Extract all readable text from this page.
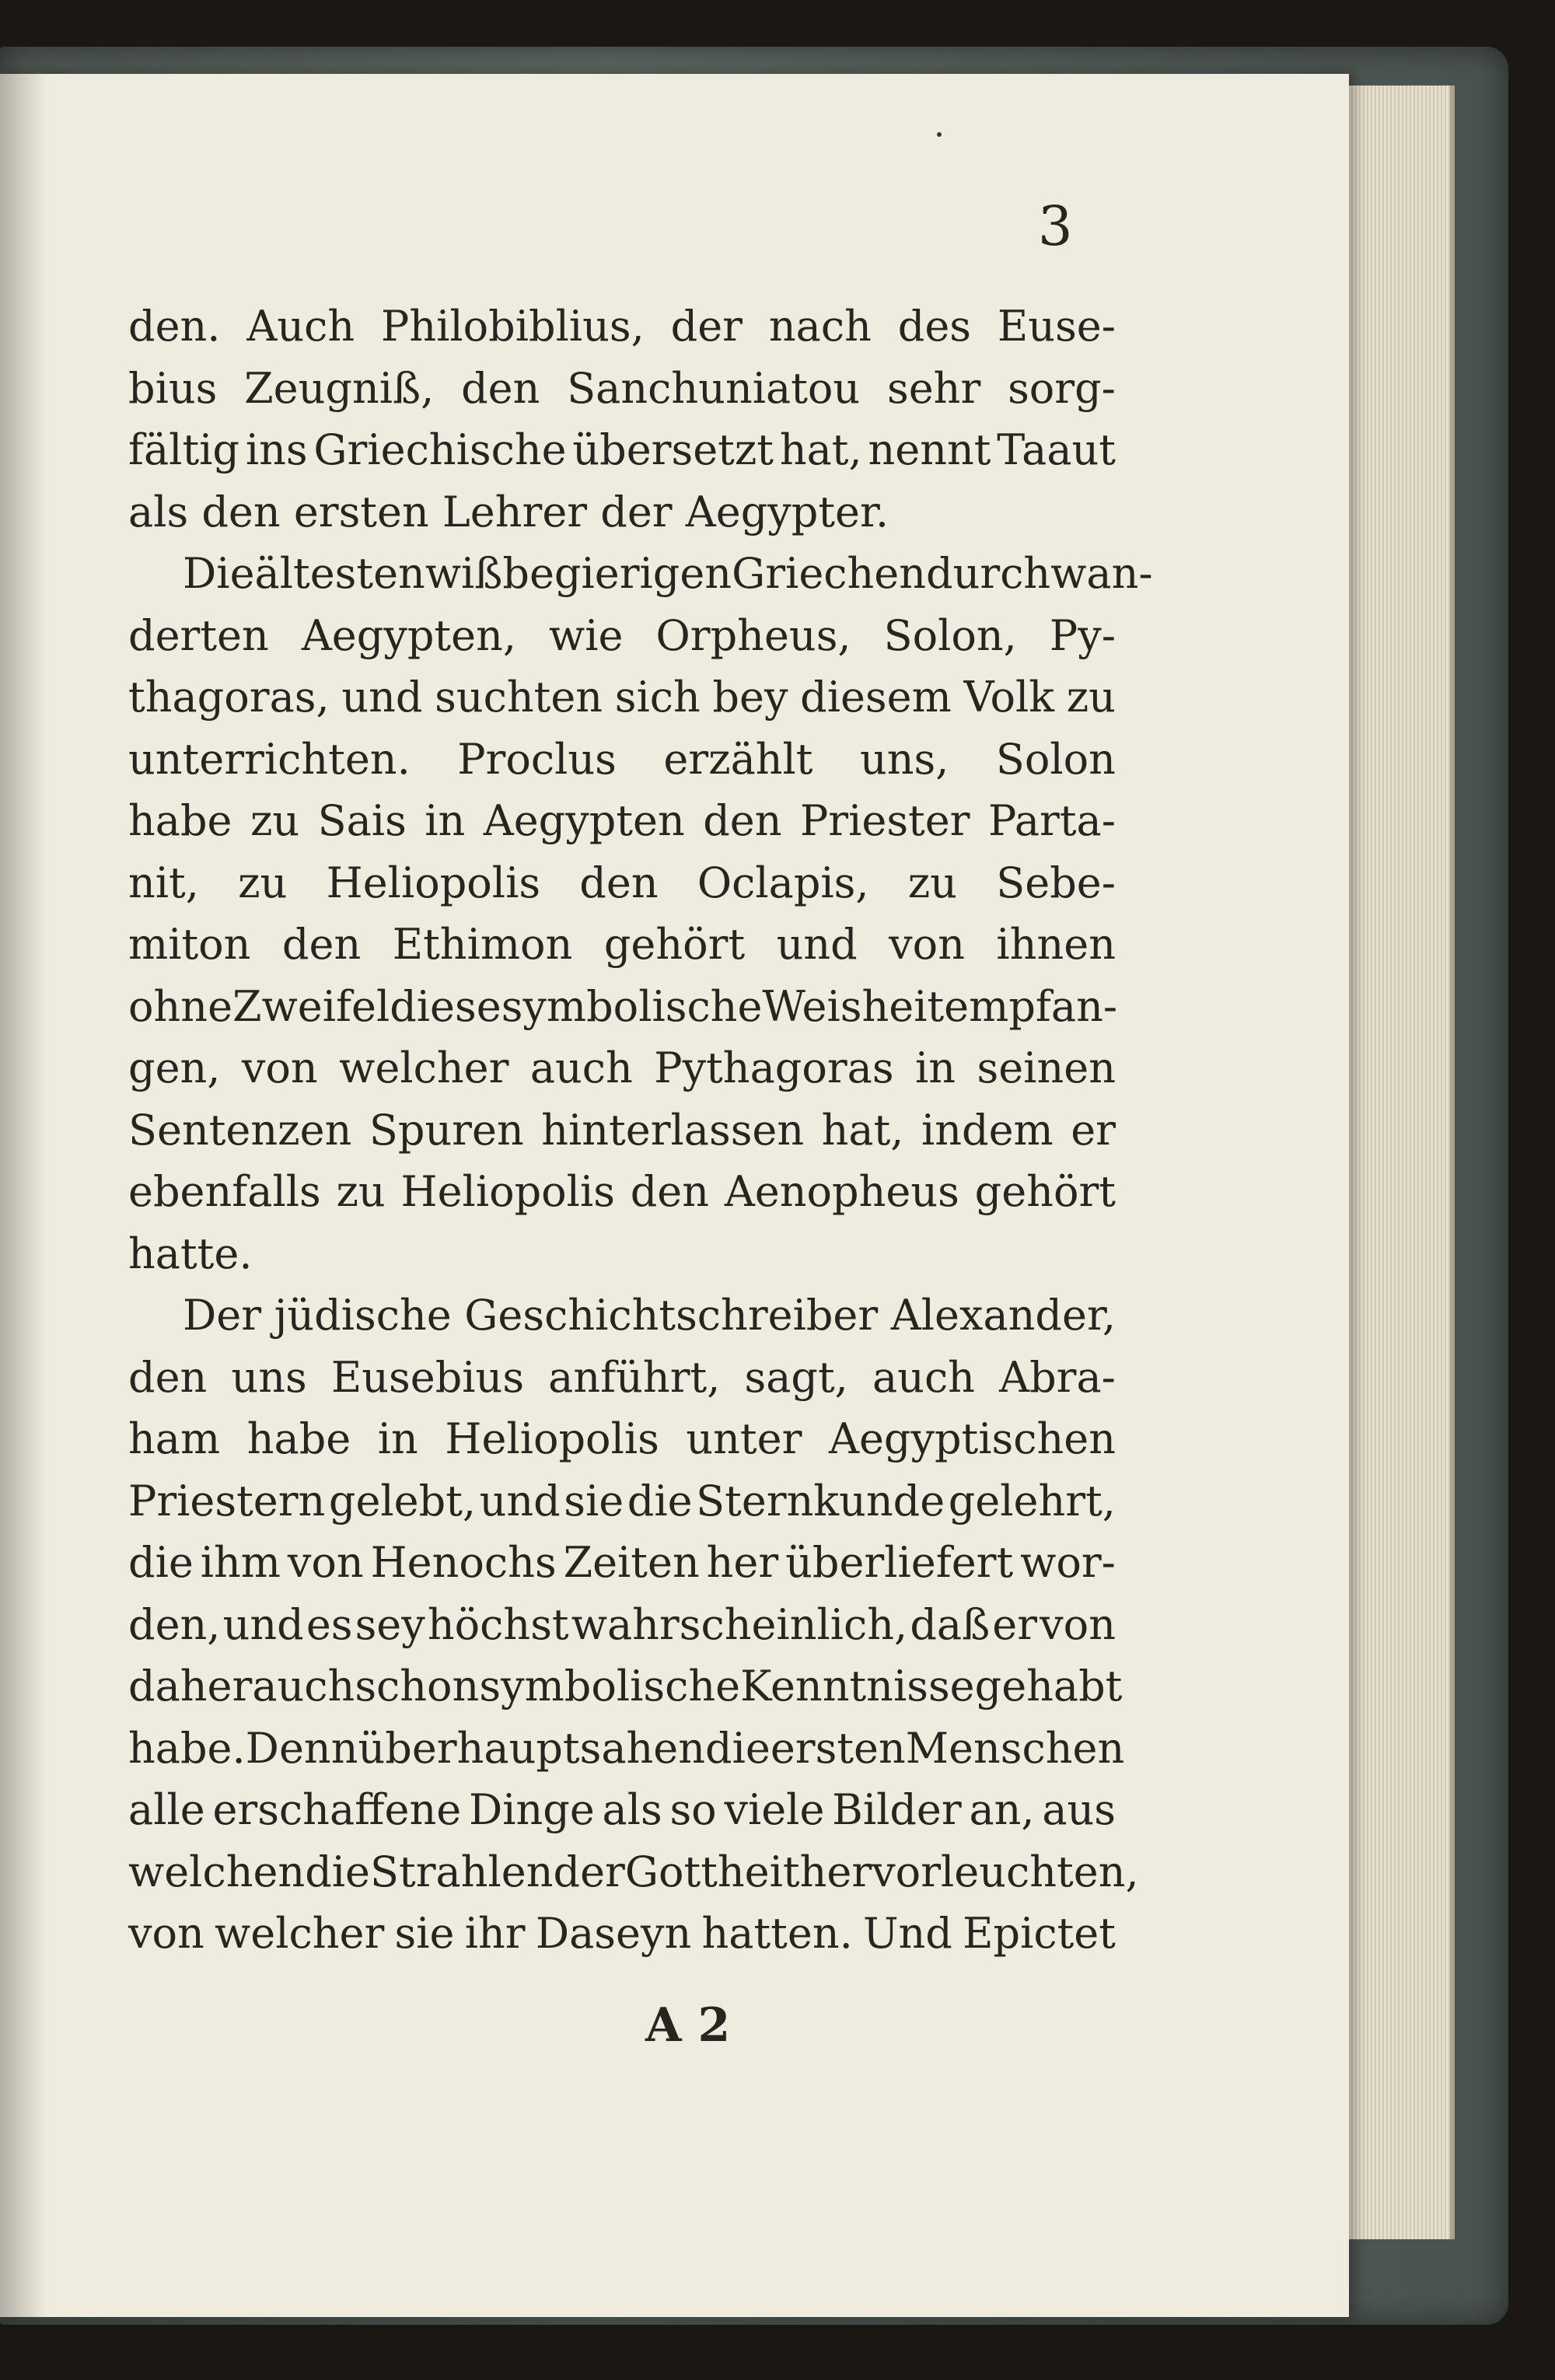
3
den. Auch Philobiblius, der nach des Euse-
bius Zeugniß, den Sanchuniatou sehr sorg-
fältig ins Griechische übersetzt hat, nennt Taaut
als den ersten Lehrer der Aegypter.
Die ältesten wißbegierigen Griechen durchwan-
derten Aegypten, wie Orpheus, Solon, Py-
thagoras, und suchten sich bey diesem Volk zu
unterrichten. Proclus erzählt uns, Solon
habe zu Sais in Aegypten den Priester Parta-
nit, zu Heliopolis den Oclapis, zu Sebe-
miton den Ethimon gehört und von ihnen
ohne Zweifel diese symbolische Weisheit empfan-
gen, von welcher auch Pythagoras in seinen
Sentenzen Spuren hinterlassen hat, indem er
ebenfalls zu Heliopolis den Aenopheus gehört
hatte.
Der jüdische Geschichtschreiber Alexander,
den uns Eusebius anführt, sagt, auch Abra-
ham habe in Heliopolis unter Aegyptischen
Priestern gelebt, und sie die Sternkunde gelehrt,
die ihm von Henochs Zeiten her überliefert wor-
den, und es sey höchst wahrscheinlich, daß er von
daher auch schon symbolische Kenntnisse gehabt
habe. Denn überhaupt sahen die ersten Menschen
alle erschaffene Dinge als so viele Bilder an, aus
welchen die Strahlen der Gottheit hervorleuchten,
von welcher sie ihr Daseyn hatten. Und Epictet
A 2
